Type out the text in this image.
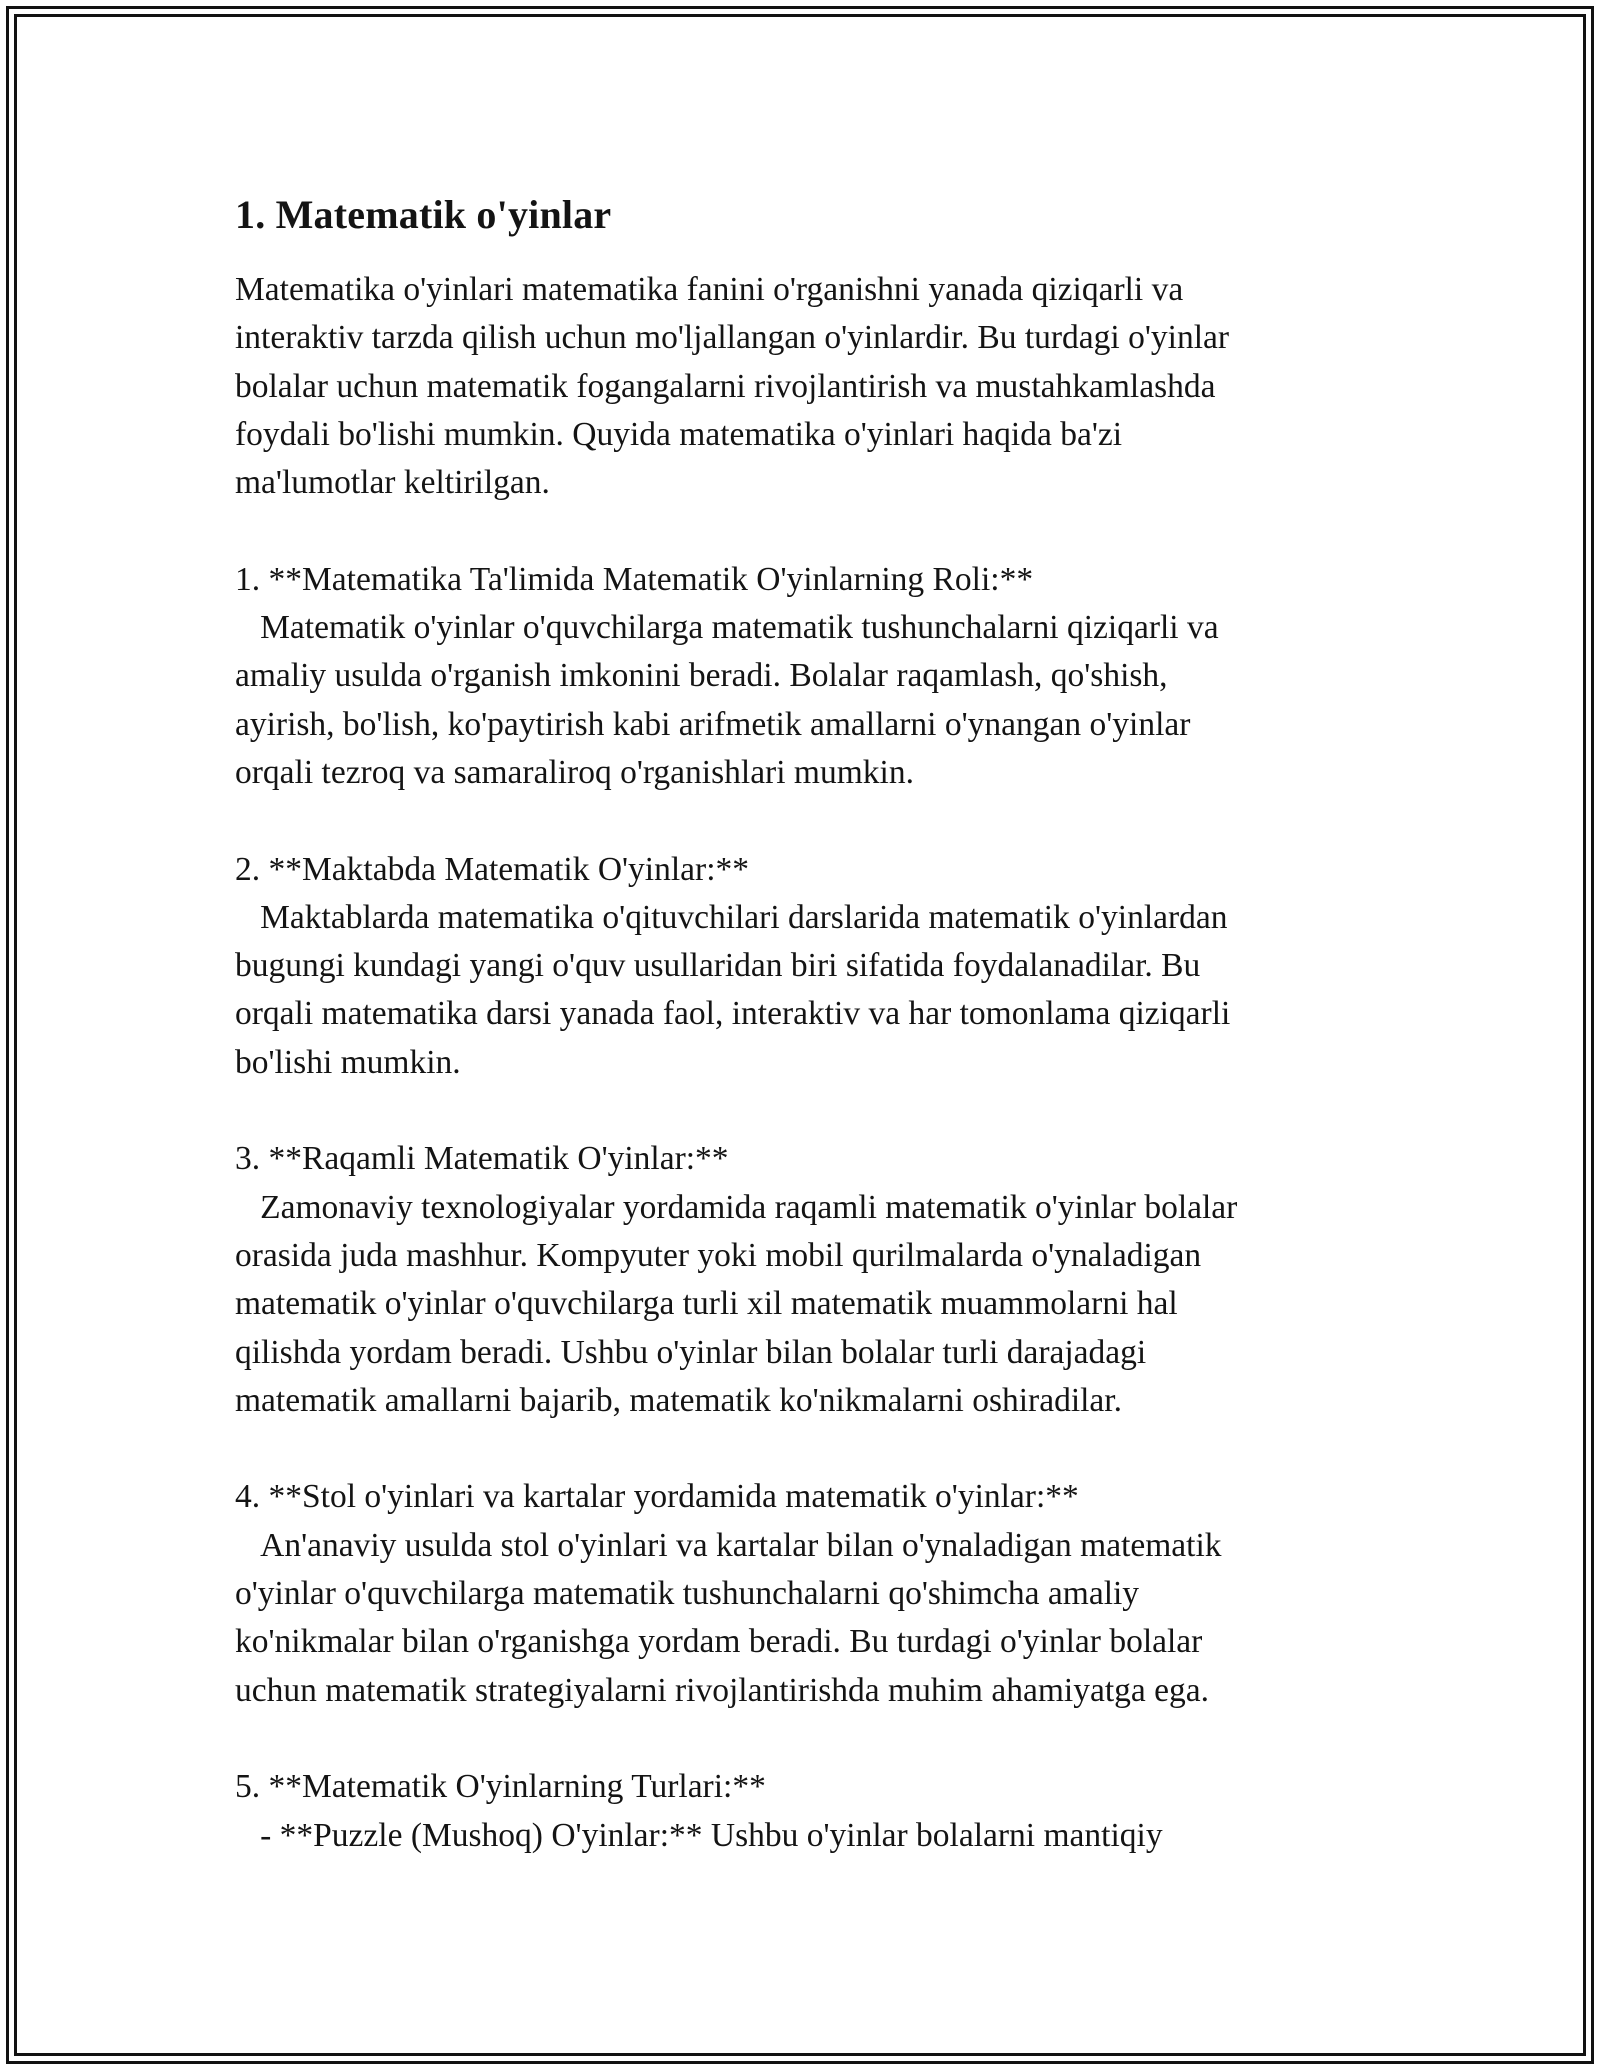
1. Matematik o'yinlar

Matematika o'yinlari matematika fanini o'rganishni yanada qiziqarli va
interaktiv tarzda qilish uchun mo'ljallangan o'yinlardir. Bu turdagi o'yinlar
bolalar uchun matematik fogangalarni rivojlantirish va mustahkamlashda
foydali bo'lishi mumkin. Quyida matematika o'yinlari haqida ba'zi
ma'lumotlar keltirilgan.

1. **Matematika Ta'limida Matematik O'yinlarning Roli:**

Matematik o'yinlar o'quvchilarga matematik tushunchalarni qiziqarli va
amaliy usulda o'rganish imkonini beradi. Bolalar raqamlash, qo'shish,
ayirish, bo'lish, ko'paytirish kabi arifmetik amallarni o'ynangan o'yinlar
orqali tezroq va samaraliroq o'rganishlari mumkin.

2. **Maktabda Matematik O'yinlar:**

Maktablarda matematika o'qituvchilari darslarida matematik o'yinlardan
bugungi kundagi yangi o'quv usullaridan biri sifatida foydalanadilar. Bu
orqali matematika darsi yanada faol, interaktiv va har tomonlama qiziqarli
bo'lishi mumkin.

3. **Raqamli Matematik O'yinlar:**

Zamonaviy texnologiyalar yordamida raqamli matematik o'yinlar bolalar
orasida juda mashhur. Kompyuter yoki mobil qurilmalarda o'ynaladigan
matematik o'yinlar o'quvchilarga turli xil matematik muammolarni hal
qilishda yordam beradi. Ushbu o'yinlar bilan bolalar turli darajadagi
matematik amallarni bajarib, matematik ko'nikmalarni oshiradilar.

4. **Stol o'yinlari va kartalar yordamida matematik o'yinlar:**

An'anaviy usulda stol o'yinlari va kartalar bilan o'ynaladigan matematik
o'yinlar o'quvchilarga matematik tushunchalarni qo'shimcha amaliy
ko'nikmalar bilan o'rganishga yordam beradi. Bu turdagi o'yinlar bolalar
uchun matematik strategiyalarni rivojlantirishda muhim ahamiyatga ega.

5. **Matematik O'yinlarning Turlari:**

- **Puzzle (Mushoq) O'yinlar:** Ushbu o'yinlar bolalarni mantiqiy
